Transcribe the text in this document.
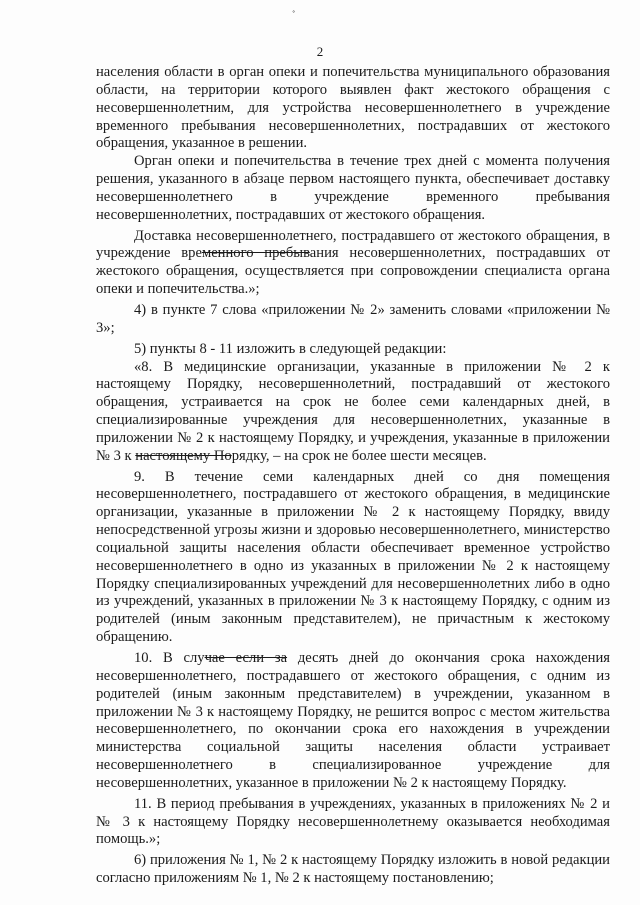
˚
2

населения области в орган опеки и попечительства муниципального образования области, на территории которого выявлен факт жестокого обращения с несовершеннолетним, для устройства несовершеннолетнего в учреждение временного пребывания несовершеннолетних, пострадавших от жестокого обращения, указанное в решении.

Орган опеки и попечительства в течение трех дней с момента получения решения, указанного в абзаце первом настоящего пункта, обеспечивает доставку несовершеннолетнего в учреждение временного пребывания несовершеннолетних, пострадавших от жестокого обращения.

Доставка несовершеннолетнего, пострадавшего от жестокого обращения, в учреждение временного пребывания несовершеннолетних, пострадавших от жестокого обращения, осуществляется при сопровождении специалиста органа опеки и попечительства.»;

4) в пункте 7 слова «приложении № 2» заменить словами «приложении № 3»;

5) пункты 8 - 11 изложить в следующей редакции:

«8. В медицинские организации, указанные в приложении № 2 к настоящему Порядку, несовершеннолетний, пострадавший от жестокого обращения, устраивается на срок не более семи календарных дней, в специализированные учреждения для несовершеннолетних, указанные в приложении № 2 к настоящему Порядку, и учреждения, указанные в приложении № 3 к настоящему Порядку, – на срок не более шести месяцев.

9. В течение семи календарных дней со дня помещения несовершеннолетнего, пострадавшего от жестокого обращения, в медицинские организации, указанные в приложении № 2 к настоящему Порядку, ввиду непосредственной угрозы жизни и здоровью несовершеннолетнего, министерство социальной защиты населения области обеспечивает временное устройство несовершеннолетнего в одно из указанных в приложении № 2 к настоящему Порядку специализированных учреждений для несовершеннолетних либо в одно из учреждений, указанных в приложении № 3 к настоящему Порядку, с одним из родителей (иным законным представителем), не причастным к жестокому обращению.

10. В случае если за десять дней до окончания срока нахождения несовершеннолетнего, пострадавшего от жестокого обращения, с одним из родителей (иным законным представителем) в учреждении, указанном в приложении № 3 к настоящему Порядку, не решится вопрос с местом жительства несовершеннолетнего, по окончании срока его нахождения в учреждении министерства социальной защиты населения области устраивает несовершеннолетнего в специализированное учреждение для несовершеннолетних, указанное в приложении № 2 к настоящему Порядку.

11. В период пребывания в учреждениях, указанных в приложениях № 2 и № 3 к настоящему Порядку несовершеннолетнему оказывается необходимая помощь.»;

6) приложения № 1, № 2 к настоящему Порядку изложить в новой редакции согласно приложениям № 1, № 2 к настоящему постановлению;
